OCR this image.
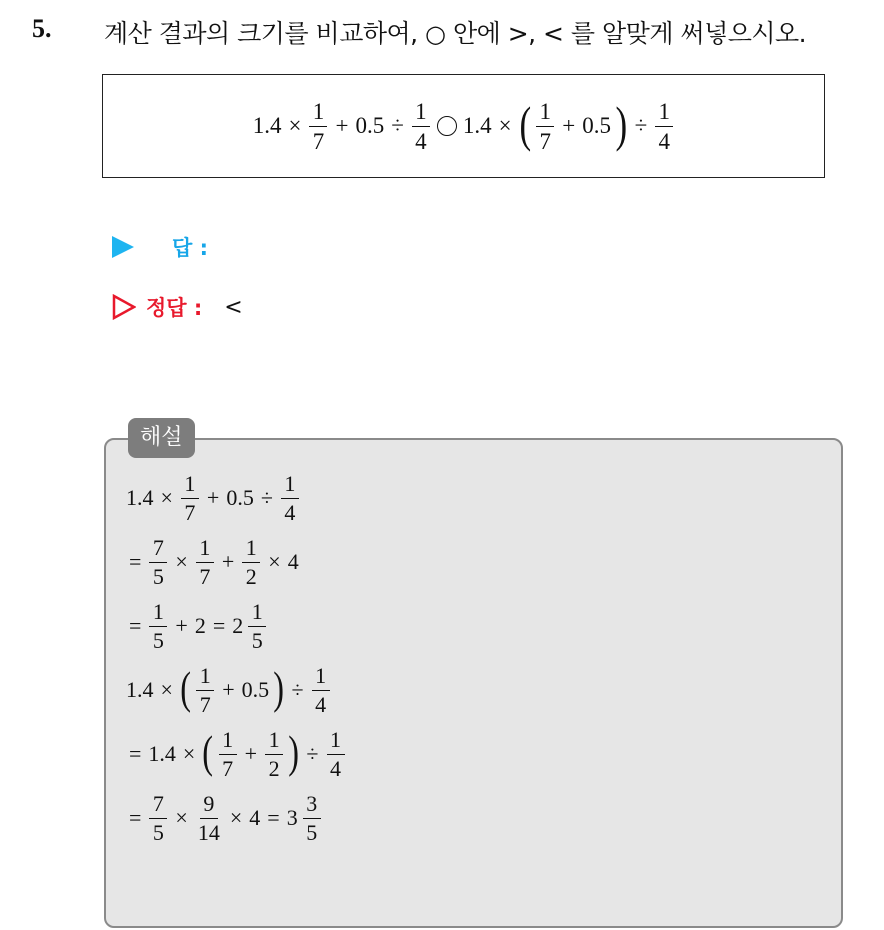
5. 계산 결과의 크기를 비교하여, ○ 안에 >, < 를 알맞게 써넣으시오.
$1.4 \times \frac{1}{7} + 0.5 \div \frac{1}{4} 1.4$ × ( $\frac{1}{7} + 0.5$ ) ÷ $\frac{1}{4}$
답 :
정답 : <
해설
$1.4 \times \frac{1}{7} + 0.5 \div \frac{1}{4}$
= $\frac{7}{5} \times \frac{1}{7} + \frac{1}{2} \times 4$
= $\frac{1}{5} + 2 = 2 \frac{1}{5}$
1.4 × ( $\frac{1}{7} + 0.5$ ) ÷ $\frac{1}{4}$
= 1.4 × ( $\frac{1}{7} + \frac{1}{2}$ ) ÷ $\frac{1}{4}$
= $\frac{7}{5} \times \frac{9}{14} \times 4 = 3 \frac{3}{5}$
